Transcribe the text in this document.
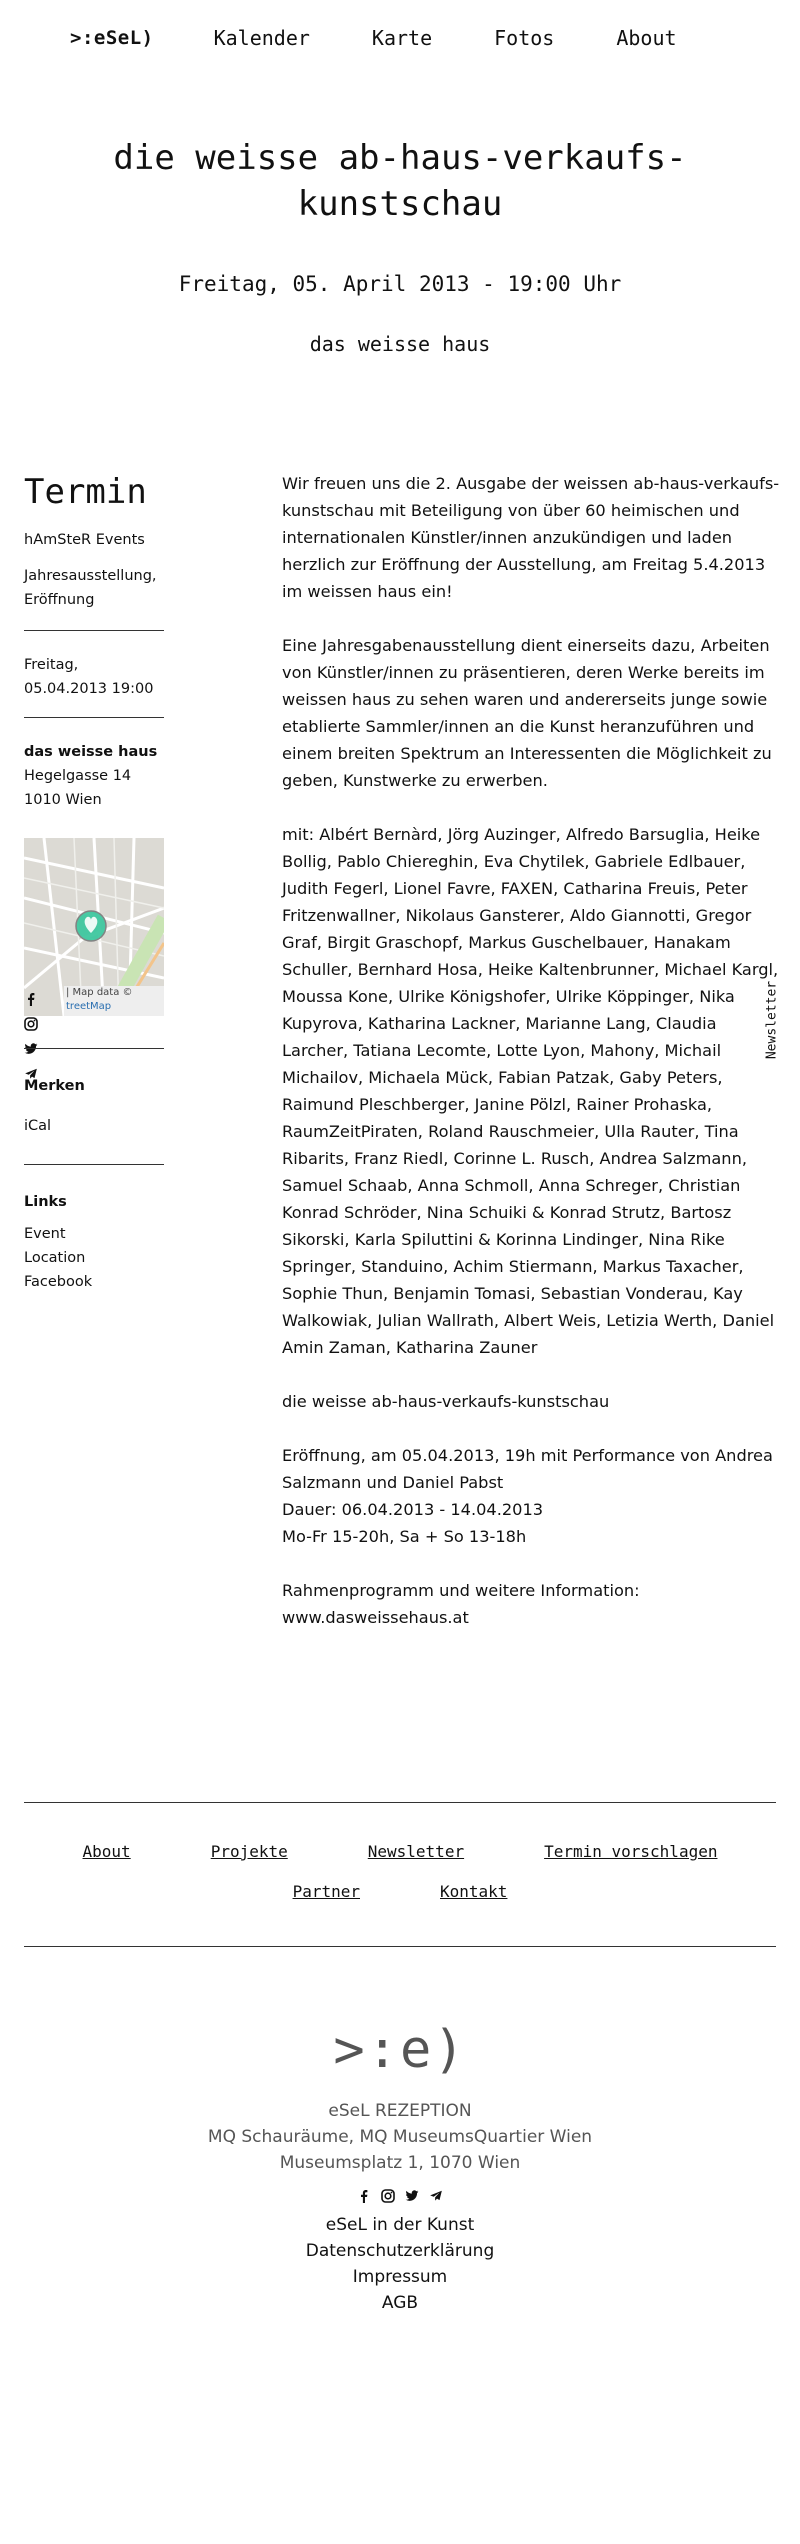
>:eSeL)	Kalender	Karte	Fotos	About
die weisse ab-haus-verkaufs-kunstschau
Freitag, 05. April 2013 - 19:00 Uhr
das weisse haus
Termin
hAmSteR Events
Jahresausstellung, Eröffnung
Freitag,
05.04.2013 19:00
das weisse haus
Hegelgasse 14
1010 Wien
| Map data ©
treetMap
Merken
iCal
Links
Event
Location
Facebook

Wir freuen uns die 2. Ausgabe der weissen ab-haus-verkaufs-kunstschau mit Beteiligung von über 60 heimischen und internationalen Künstler/innen anzukündigen und laden herzlich zur Eröffnung der Ausstellung, am Freitag 5.4.2013 im weissen haus ein!

Eine Jahresgabenausstellung dient einerseits dazu, Arbeiten von Künstler/innen zu präsentieren, deren Werke bereits im weissen haus zu sehen waren und andererseits junge sowie etablierte Sammler/innen an die Kunst heranzuführen und einem breiten Spektrum an Interessenten die Möglichkeit zu geben, Kunstwerke zu erwerben.

mit: Albért Bernàrd, Jörg Auzinger, Alfredo Barsuglia, Heike Bollig, Pablo Chiereghin, Eva Chytilek, Gabriele Edlbauer, Judith Fegerl, Lionel Favre, FAXEN, Catharina Freuis, Peter Fritzenwallner, Nikolaus Gansterer, Aldo Giannotti, Gregor Graf, Birgit Graschopf, Markus Guschelbauer, Hanakam Schuller, Bernhard Hosa, Heike Kaltenbrunner, Michael Kargl, Moussa Kone, Ulrike Königshofer, Ulrike Köppinger, Nika Kupyrova, Katharina Lackner, Marianne Lang, Claudia Larcher, Tatiana Lecomte, Lotte Lyon, Mahony, Michail Michailov, Michaela Mück, Fabian Patzak, Gaby Peters, Raimund Pleschberger, Janine Pölzl, Rainer Prohaska, RaumZeitPiraten, Roland Rauschmeier, Ulla Rauter, Tina Ribarits, Franz Riedl, Corinne L. Rusch, Andrea Salzmann, Samuel Schaab, Anna Schmoll, Anna Schreger, Christian Konrad Schröder, Nina Schuiki & Konrad Strutz, Bartosz Sikorski, Karla Spiluttini & Korinna Lindinger, Nina Rike Springer, Standuino, Achim Stiermann, Markus Taxacher, Sophie Thun, Benjamin Tomasi, Sebastian Vonderau, Kay Walkowiak, Julian Wallrath, Albert Weis, Letizia Werth, Daniel Amin Zaman, Katharina Zauner

die weisse ab-haus-verkaufs-kunstschau

Eröffnung, am 05.04.2013, 19h mit Performance von Andrea Salzmann und Daniel Pabst
Dauer: 06.04.2013 - 14.04.2013
Mo-Fr 15-20h, Sa + So 13-18h

Rahmenprogramm und weitere Information:
www.dasweissehaus.at

Newsletter
About	Projekte	Newsletter	Termin vorschlagen
Partner	Kontakt
>:e)
eSeL REZEPTION
MQ Schauräume, MQ MuseumsQuartier Wien
Museumsplatz 1, 1070 Wien
eSeL in der Kunst
Datenschutzerklärung
Impressum
AGB
